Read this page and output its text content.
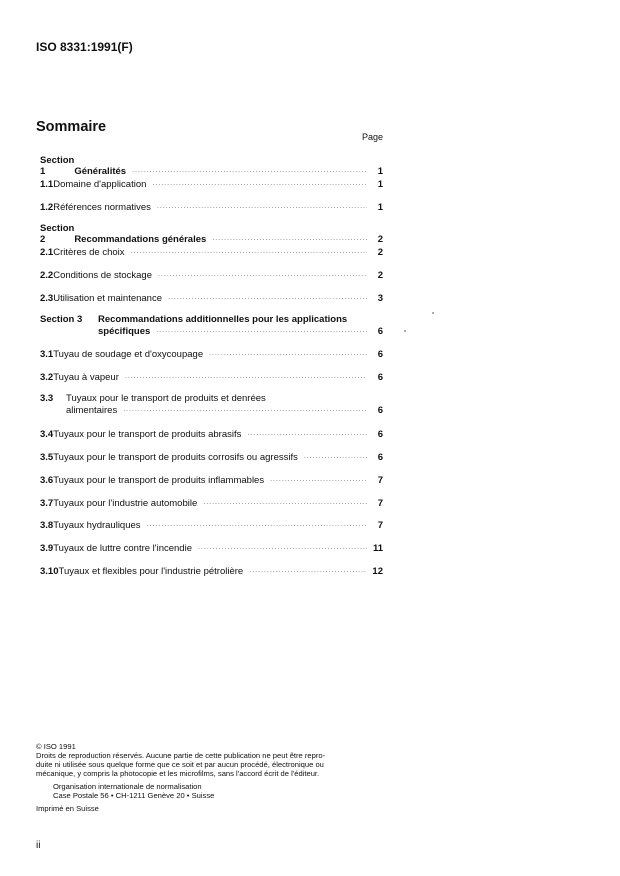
ISO 8331:1991(F)
Sommaire
Page
Section 1	Généralités .....	1
1.1 Domaine d'application .....	1
1.2 Références normatives .....	1
Section 2	Recommandations générales .....	2
2.1 Critères de choix .....	2
2.2 Conditions de stockage .....	2
2.3 Utilisation et maintenance .....	3
Section 3	Recommandations additionnelles pour les applications
spécifiques .....	6
3.1 Tuyau de soudage et d'oxycoupage .....	6
3.2 Tuyau à vapeur .....	6
3.3	Tuyaux pour le transport de produits et denrées
alimentaires .....	6
3.4 Tuyaux pour le transport de produits abrasifs .....	6
3.5 Tuyaux pour le transport de produits corrosifs ou agressifs .....	6
3.6 Tuyaux pour le transport de produits inflammables .....	7
3.7 Tuyaux pour l'industrie automobile .....	7
3.8 Tuyaux hydrauliques .....	7
3.9 Tuyaux de luttre contre l'incendie .....	11
3.10 Tuyaux et flexibles pour l'industrie pétrolière .....	12

© ISO 1991

Droits de reproduction réservés. Aucune partie de cette publication ne peut être repro-

duite ni utilisée sous quelque forme que ce soit et par aucun procédé, électronique ou

mécanique, y compris la photocopie et les microfilms, sans l'accord écrit de l'éditeur.

Organisation internationale de normalisation

Case Postale 56 • CH-1211 Genève 20 • Suisse

Imprimé en Suisse

ii
